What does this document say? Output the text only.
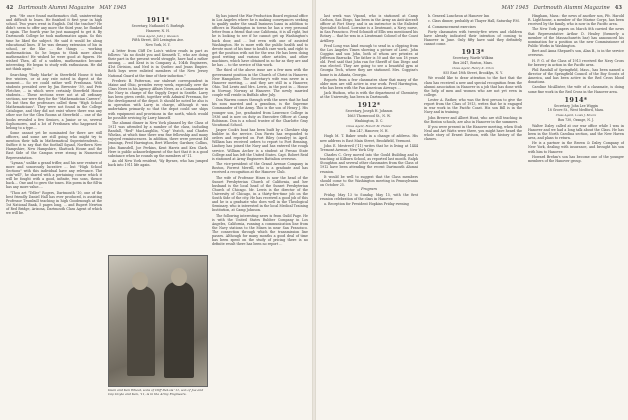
42 Dartmouth Alumni Magazine MAY 1945

pen. "He once found mathematics dull, uninteresting and difficult to learn. He finished it first year in high school. Two years went in English. Did the teacher? He didn't seem to offer any more the third year, he flunked it again. The fourth year he just managed to get it. By Dartmouth College he took mathematics again. So this time he liked the subject. He said it would be along educational lines. If he was dreamy extension of his in school, or the like ... the things ... working mathematician. So he began to think more about mathematics! He wished he were good at figures. He wished Then, all of a sudden, mathematics became interesting. He began to study with enthusiasm. He did not think again."

Searching "Rudy Marks" in Steerfield House it took five winters, or at any rate noted in digest at the moment.... So we could rather well Freshman. With students presided over by Jim Brewster '39, and Pete Fletcher, ... in which were certainly Steerfield House students.... These sections were not at all ordinary sections, nor were they for the "Mathematician Careers". No but then the professors called them "High School Mathematicians". They were not found in the College Catalogue, and they did not exist where there was any other use for the Glen Rooms at Steerfield ... one of the books revealed a few Seniors, a Junior or so, several Sophomores, and a lot of Freshmen who happened to belong to a type....

Some cannot yet be nominated for there are still officers, and some are still going who might try to mention their talk in Mathematical Superintendents.... Suffice it to say that the football Squad, Northern New Hampshire, New Hampshire, Shattuck House and the East Side of the Campus were strong in Numerical Representation.

"Lyman," unlike a grand trifler, and his new venture of more and sonorously lucrative ... but "High School Sections" with this individual have any relevance. The coin"will", he shared with a pertaining course which it will be fought with a good, infinite, two sons, thence back.... One and to grow the tones. His poem in the fill-in has any more value....

"Thou art "Teller" Rogers, Dartmouth '10, one of the best friendly Daniel Hall has ever produced, is assisting Professor Trumbull teaching in high Goodenough at the 1st National Bank, 5 pages long, ... and Rupert Newton of Red Bridge, Arizona, Dartmouth Class Agent of which we will be.

1911*
Secretary, Nathaniel G. Burleigh
Hanover, N. H.
Class Agent, John J. Gleason
Fifth Street, 405 Lexington Ave.
New York, N. Y.

A letter from Cliff De Lois's widow reads in part as follows: "As no doubt you and Kenneth T., who are doing their part in the present world struggle, have had a rather unsung, ... and Kent is in Company A, 104th Engineers, 41st Division, and Ned is in Quebec and Jeans Empire. Both boys were enlisted members of the New Jersey National Guard at the time of their induction."

Frederic B. Patterson, our stalwart correspondent in Maine and Ohio, presides every week, especially over the Class News in his Agency Affairs News, as a Commander in the Navy in charge of the Supply Depot in Seattle. Larry has been given credit, together with Admiral Freeman, for the development of the depot. It should be noted he also is in operation with Larry in charge, although it was undertaken primarily so that the depot could use ships with equipment and provisions in the north, which would be possible sevicing by Larry himself.

The alumni dinner in New York planned by the Class of 1911 was attended by a number of the class, including Randall, "Red" MacLaughlin, "Cap" Yeatch, and Charles Whelan, at which time there was fine fellowship and many enjoyed reminiscences. In addition, there were present Ed Jennings, Fred Harrington, Bert Wheeler, Gardner, Collins, John Ramsdell, Joe Perkins, Kent Harris and Ken Clark. Here is public acknowledgment of the fact that it is a good substance when he rounds up the members of '11.

An old New York resident, "Ky Byrnes, who has jumped back into 1911 life again.

Dean and Ken Wheat, sons of Cliff DeLois '11, son of Joe and Cap Doyle and Ken, '11, is in the Army Engineers.

Ky has joined the War Production Board regional office in Los Angeles where he is making conveyances seeking to qualify under the small business loans in addition to officers in Washington in towns he has a very personal letter from a friend that one California, it is all right, but he is looking to see if he cannot get up Washington's back door, and ... but even with one of assisted Washington. He is more with the public health and to devote most of his time to health care work, and right to get the position with not for the war. He has been doing good writing and various other articles, and other machines, which have obtained in so far as they are and he has ... to the service of this work.

The third of the above issue are a few men with the government position in the Church of Christ in Hanover, New Hampshire. The Secretary's wife was never in a Hanover meeting, ... and they are still in a Hanover, Ohio. Tod Lewis and Mrs. Lewis, in the post in ... House in Norway, Norway at Hanover. The newly married couple will reside in Buffalo after July.

Don Warren comes through with the news that he had his sons married and a grandson, is the Supreme Commander of the Army. This is the son of Henry J. His younger son, Joe, graduated from Lawrence College in 1936 and is now on duty as Executive Officer at Camp Robinson. Don is a school trustee of the Charlotte Gray Vocational School.

Jasper Cook's boat has been built by a Cheshire ship builder in the service. Don Farris has responded to orders and reported on Fort Riley (cavalry) in April. William has received orders to report to Fort Benning, Lindsey has joined the Navy and has entered the rough service. William Archer is a student at Fresno State College and has left the United States. Capt. Robert Reid is stationed at Army Engineers Battalion overseas.

The vice-president of the Grand Avenue Company in Boston, Forrest Merrill, who is a graduate and has received a recognition at the Hanover Club.

The wife of Professor Hines is now the head of the Sunset Presbyterian Church of California, and her husband is the local head of the Sunset Presbyterian Church of Chicago. Mr. Lewis is the director of the University of Chicago, in a thirty-five-time job on the South Side of the city. He has received a good job of this and he is a graduate who does well in the Theological Seminary, who is interested in the local Medical Training Institution, at Camp Johnson.

The following interesting news is from Guild Page. He is with the United States Rubber Company in Los Angeles, California, running a communication line from the Navy stations to the Mines in near San Francisco. The connection through which the transmission line passes. Although for many months a good deal of time has been spent on the study of pricing there is no definite result there has been no report ...

MAY 1945 Dartmouth Alumni Magazine 43

last week was Vipond, who is stationed at Camp Carlson, San Diego, has been in the Army an Anti-Aircraft officer at Fort Story, and is an instructor in the Enlisted Specialist School. Lorraine is a lieutenant, a Navy nurse, in San Francisco. Fred Schmidt of Ellis was mentioned his Rotary ... that he was in a Lieutenant Colonel of the Coast Artillery.

Fred Long was kind enough to send in a clipping from the Los Angeles Times showing a picture of Lieut. John Coggins and son John, both of whom are privates at Jefferson Barracks. The father is 50 and the son 18 years old. Fred said that John ran for Sheriff of San Diego and was elected. They are going to see a beautiful gym at Georgia Tech, where they are stationed. Mrs. Coggins's home is in Atlanta, Georgia.

Reports from a few classmates show that many of the older men are still active in war work. Fred Harrington, who has been with the Pan American Airways ...

Jack Hudson, who is with the department of Chemistry at the University, has been in Dartmouth.

1912*
Secretary, Joseph H. Johnson
1663 Thornwood St., N. W.
Washington, D. C.
Class Agent, Robert M. Hunter
Box 247, Hanover, N. H.

Hugh M. T. Baker sends in a change of address. His new address is East Main Street, Brookfield, Vermont.

John E. Mestrevil ('11) writes that he is living at 1444 Tremont Avenue, New York City.

Charles C. Grey moved into the Gould Building and is teaching at Kilburn School, as reported last month. Ralph Stoughton and several other classmates from the Class of 1912 have been attending the recent Dartmouth Alumni reunion.

It would be well to suggest that the Class members should come to the Washington meeting in Pennsylvania on October 25.

Program

Friday, May 13 to Sunday, May 15, with the first reunion celebration of the class in Hanover.

a. Reception for President Hopkins Friday evening

b. General Luncheon at Hanover Inn

c. Class dinner, probably at Thayer Hall, Saturday P.M.

d. Commencement exercises

Forty classmates with twenty-five wives and children have already indicated their intention of coming to Hanover in June. Only fifty have said they definitely cannot come.

1913*
Secretary, Warde Wilkins
Box 2647, Boston, Mass.
Class Agent, Henry K. Urion
855 East 18th Street, Brooklyn, N. Y.

We would like to draw attention to the fact that the class has received a new and special recognition from the alumni association in Hanover in a job that has done with the help of men and women who are not yet even in college.

Lester A. Rather, who was the first person to give the report from the Class of 1913, writes that he is engaged in war work in the Pacific Coast. His son Bill is in the Navy and in training.

John Brewer and Albert Hunt, who are still teaching in the Boston schools, are also in Hanover in the summers.

If you were present in the Hanover meeting, when Stub Neal and Art Watts were there, you might have heard the whole story of Ernest Davison, with the history of the classes.

Hingham, Mass.: the news of another son, Pfc. Harold R. Lighthouse, a member of the Marine Corps, has been received by the family, who is now in the Pacific area.

The New York papers on March 8th carried the news that Representative Arthur D. Healey (formerly a member of the Massachusetts bar) has announced his nomination for a position as the new Commissioner of Public Works in Washington.

Bert and Anna Shepard's son, Alan B., is in the service overseas.

H. P. G. of the Class of 1913 received the Navy Cross for bravery in action in the Pacific area.

Phil Randall of Springfield, Mass., has been named a director of the Springfield Council of the Boy Scouts of America, and has been active in the Red Cross blood donations.

Caroline McAllister, the wife of a classmate, is doing some fine work in the Red Cross in the Hanover area.

1914*
Secretary, John Lee Wiggin
18 Grove St., West Medford, Mass.
Class Agent, Louis J. Moore
Box 730, Orange, N. J.

Walter Daley called at our war office while I was in Hanover and we had a long talk about the Class. He has been in the North Carolina section, and the New Haven area, and plans to return.

He is a partner in the Brown & Daley Company of New York, dealing with insurance, and brought his son with him to Hanover.

Howard Brehm's son has become one of the younger members of the Hanover group.
